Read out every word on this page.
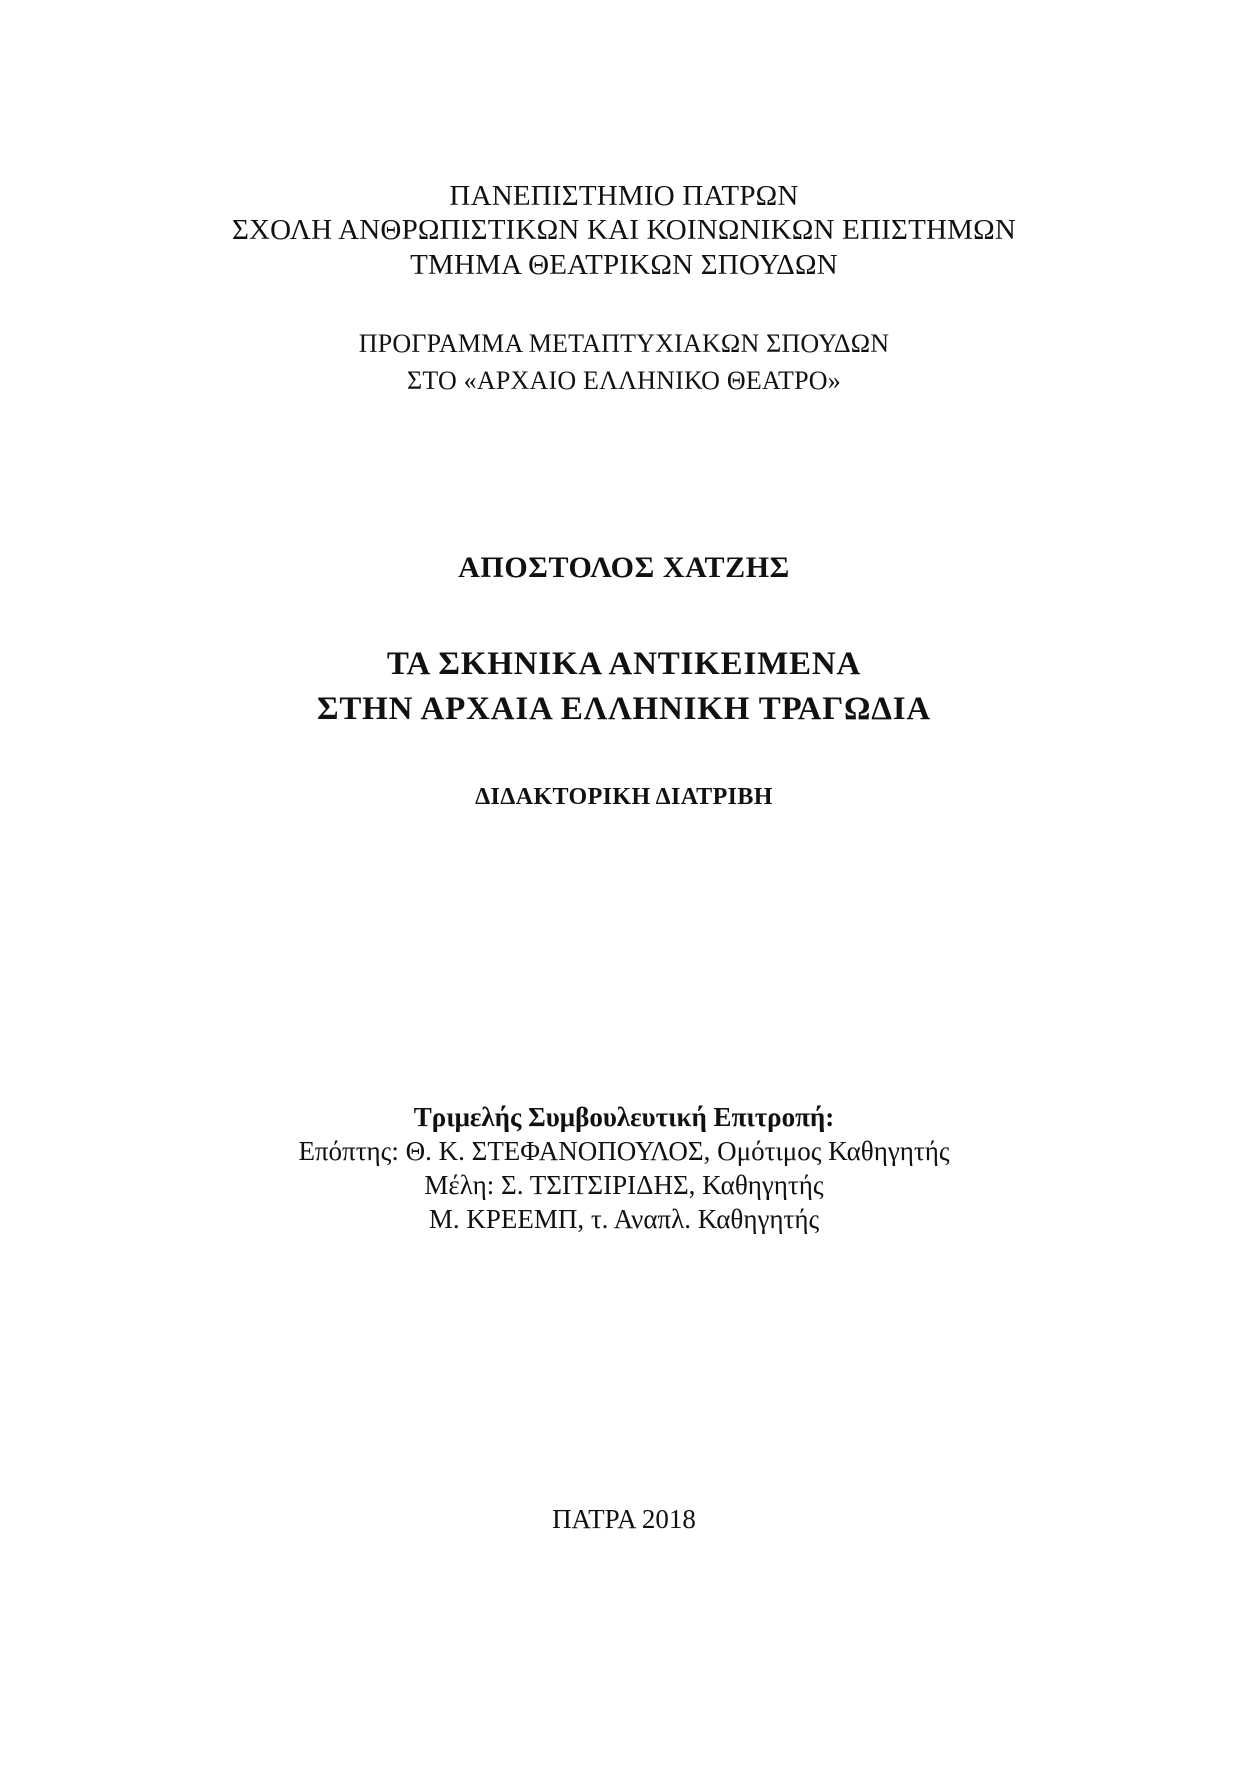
ΠΑΝΕΠΙΣΤΗΜΙΟ ΠΑΤΡΩΝ
ΣΧΟΛΗ ΑΝΘΡΩΠΙΣΤΙΚΩΝ ΚΑΙ ΚΟΙΝΩΝΙΚΩΝ ΕΠΙΣΤΗΜΩΝ
ΤΜΗΜΑ ΘΕΑΤΡΙΚΩΝ ΣΠΟΥΔΩΝ
ΠΡΟΓΡΑΜΜΑ ΜΕΤΑΠΤΥΧΙΑΚΩΝ ΣΠΟΥΔΩΝ
ΣΤΟ «ΑΡΧΑΙΟ ΕΛΛΗΝΙΚΟ ΘΕΑΤΡΟ»
ΑΠΟΣΤΟΛΟΣ ΧΑΤΖΗΣ
ΤΑ ΣΚΗΝΙΚΑ ΑΝΤΙΚΕΙΜΕΝΑ
ΣΤΗΝ ΑΡΧΑΙΑ ΕΛΛΗΝΙΚΗ ΤΡΑΓΩΔΙΑ
ΔΙΔΑΚΤΟΡΙΚΗ ΔΙΑΤΡΙΒΗ
Τριμελής Συμβουλευτική Επιτροπή:
Επόπτης: Θ. Κ. ΣΤΕΦΑΝΟΠΟΥΛΟΣ, Ομότιμος Καθηγητής
Μέλη: Σ. ΤΣΙΤΣΙΡΙΔΗΣ, Καθηγητής
Μ. ΚΡΕΕΜΠ, τ. Αναπλ. Καθηγητής
ΠΑΤΡΑ 2018
